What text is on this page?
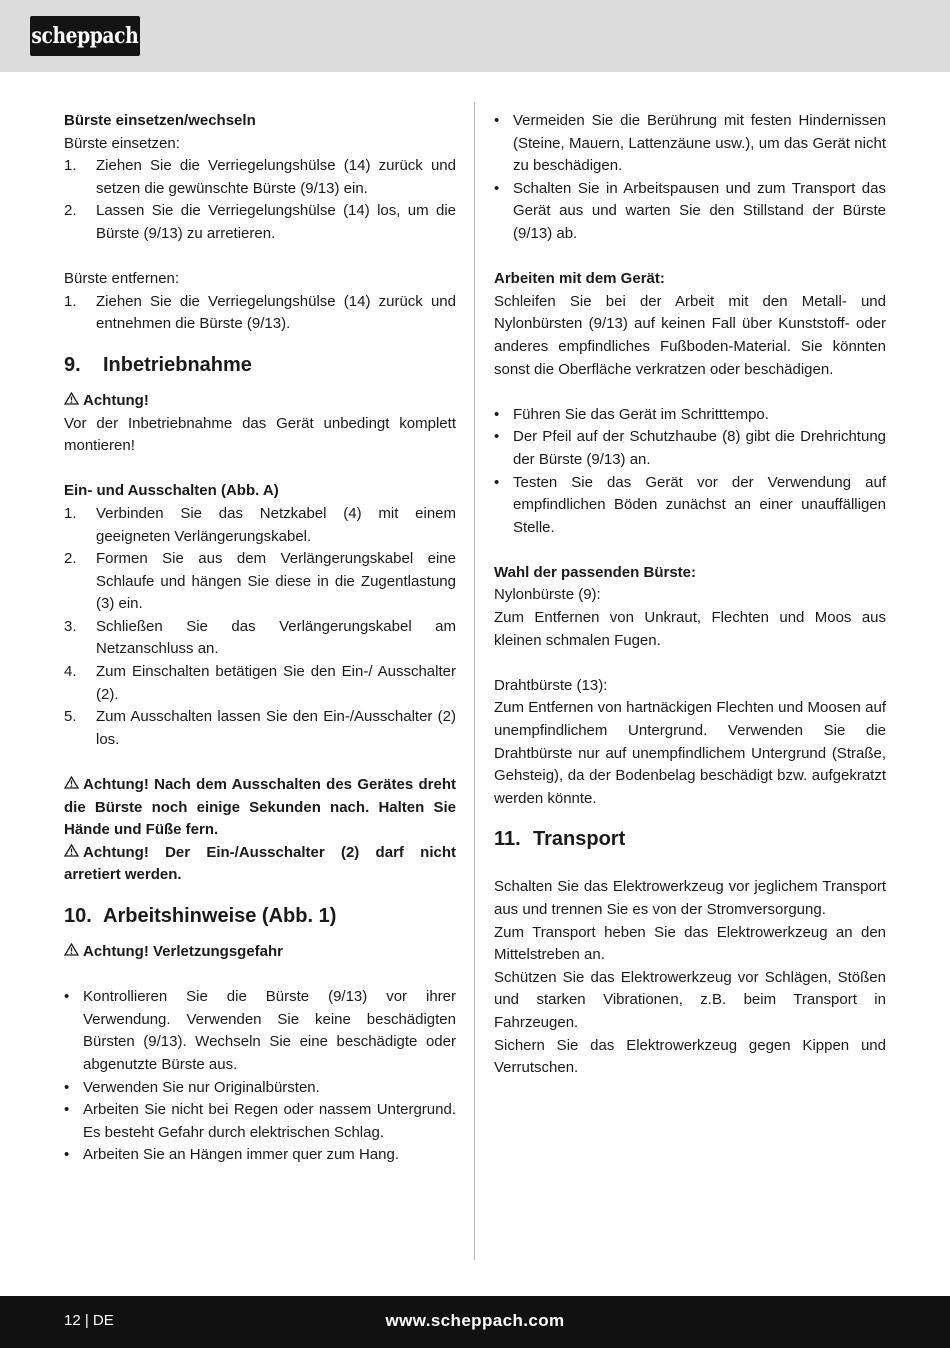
scheppach
Bürste einsetzen/wechseln
Bürste einsetzen:
1.	Ziehen Sie die Verriegelungshülse (14) zurück und setzen die gewünschte Bürste (9/13) ein.
2.	Lassen Sie die Verriegelungshülse (14) los, um die Bürste (9/13) zu arretieren.
Bürste entfernen:
1.	Ziehen Sie die Verriegelungshülse (14) zurück und entnehmen die Bürste (9/13).
9.	Inbetriebnahme
Achtung!
Vor der Inbetriebnahme das Gerät unbedingt komplett montieren!
Ein- und Ausschalten (Abb. A)
1.	Verbinden Sie das Netzkabel (4) mit einem geeigneten Verlängerungskabel.
2.	Formen Sie aus dem Verlängerungskabel eine Schlaufe und hängen Sie diese in die Zugentlastung (3) ein.
3.	Schließen Sie das Verlängerungskabel am Netzanschluss an.
4.	Zum Einschalten betätigen Sie den Ein-/ Ausschalter (2).
5.	Zum Ausschalten lassen Sie den Ein-/Ausschalter (2) los.
Achtung! Nach dem Ausschalten des Gerätes dreht die Bürste noch einige Sekunden nach. Halten Sie Hände und Füße fern.
Achtung! Der Ein-/Ausschalter (2) darf nicht arretiert werden.
10. Arbeitshinweise (Abb. 1)
Achtung! Verletzungsgefahr
• Kontrollieren Sie die Bürste (9/13) vor ihrer Verwendung. Verwenden Sie keine beschädigten Bürsten (9/13). Wechseln Sie eine beschädigte oder abgenutzte Bürste aus.
• Verwenden Sie nur Originalbürsten.
• Arbeiten Sie nicht bei Regen oder nassem Untergrund. Es besteht Gefahr durch elektrischen Schlag.
• Arbeiten Sie an Hängen immer quer zum Hang.
• Vermeiden Sie die Berührung mit festen Hindernissen (Steine, Mauern, Lattenzäune usw.), um das Gerät nicht zu beschädigen.
• Schalten Sie in Arbeitspausen und zum Transport das Gerät aus und warten Sie den Stillstand der Bürste (9/13) ab.
Arbeiten mit dem Gerät:
Schleifen Sie bei der Arbeit mit den Metall- und Nylonbürsten (9/13) auf keinen Fall über Kunststoff- oder anderes empfindliches Fußboden-Material. Sie könnten sonst die Oberfläche verkratzen oder beschädigen.
• Führen Sie das Gerät im Schritttempo.
• Der Pfeil auf der Schutzhaube (8) gibt die Drehrichtung der Bürste (9/13) an.
• Testen Sie das Gerät vor der Verwendung auf empfindlichen Böden zunächst an einer unauffälligen Stelle.
Wahl der passenden Bürste:
Nylonbürste (9):
Zum Entfernen von Unkraut, Flechten und Moos aus kleinen schmalen Fugen.
Drahtbürste (13):
Zum Entfernen von hartnäckigen Flechten und Moosen auf unempfindlichem Untergrund. Verwenden Sie die Drahtbürste nur auf unempfindlichem Untergrund (Straße, Gehsteig), da der Bodenbelag beschädigt bzw. aufgekratzt werden könnte.
11. Transport
Schalten Sie das Elektrowerkzeug vor jeglichem Transport aus und trennen Sie es von der Stromversorgung.
Zum Transport heben Sie das Elektrowerkzeug an den Mittelstreben an.
Schützen Sie das Elektrowerkzeug vor Schlägen, Stößen und starken Vibrationen, z.B. beim Transport in Fahrzeugen.
Sichern Sie das Elektrowerkzeug gegen Kippen und Verrutschen.
12 | DE	www.scheppach.com
